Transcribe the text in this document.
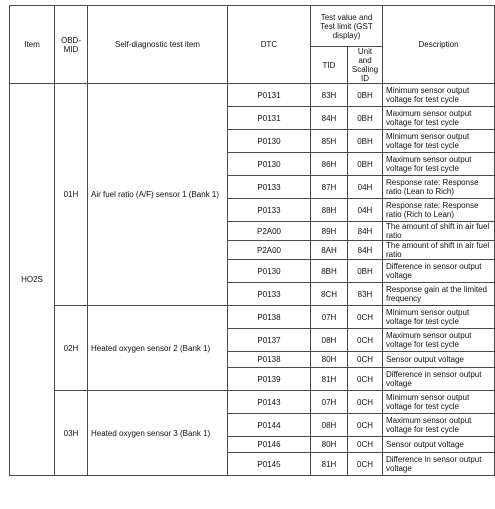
Item	OBD-MID	Self-diagnostic test item	DTC	Test value and Test limit (GST display)		Description
				TID	Unit and Scaling ID	
HO2S	01H	Air fuel ratio (A/F) sensor 1 (Bank 1)	P0131	83H	0BH	Minimum sensor output voltage for test cycle
			P0131	84H	0BH	Maximum sensor output voltage for test cycle
			P0130	85H	0BH	Minimum sensor output voltage for test cycle
			P0130	86H	0BH	Maximum sensor output voltage for test cycle
			P0133	87H	04H	Response rate: Response ratio (Lean to Rich)
			P0133	88H	04H	Response rate: Response ratio (Rich to Lean)
			P2A00	89H	84H	The amount of shift in air fuel ratio
			P2A00	8AH	84H	The amount of shift in air fuel ratio
			P0130	8BH	0BH	Difference in sensor output voltage
			P0133	8CH	83H	Response gain at the limited frequency
	02H	Heated oxygen sensor 2 (Bank 1)	P0138	07H	0CH	Minimum sensor output voltage for test cycle
			P0137	08H	0CH	Maximum sensor output voltage for test cycle
			P0138	80H	0CH	Sensor output voltage
			P0139	81H	0CH	Difference in sensor output voltage
	03H	Heated oxygen sensor 3 (Bank 1)	P0143	07H	0CH	Minimum sensor output voltage for test cycle
			P0144	08H	0CH	Maximum sensor output voltage for test cycle
			P0146	80H	0CH	Sensor output voltage
			P0145	81H	0CH	Difference in sensor output voltage
